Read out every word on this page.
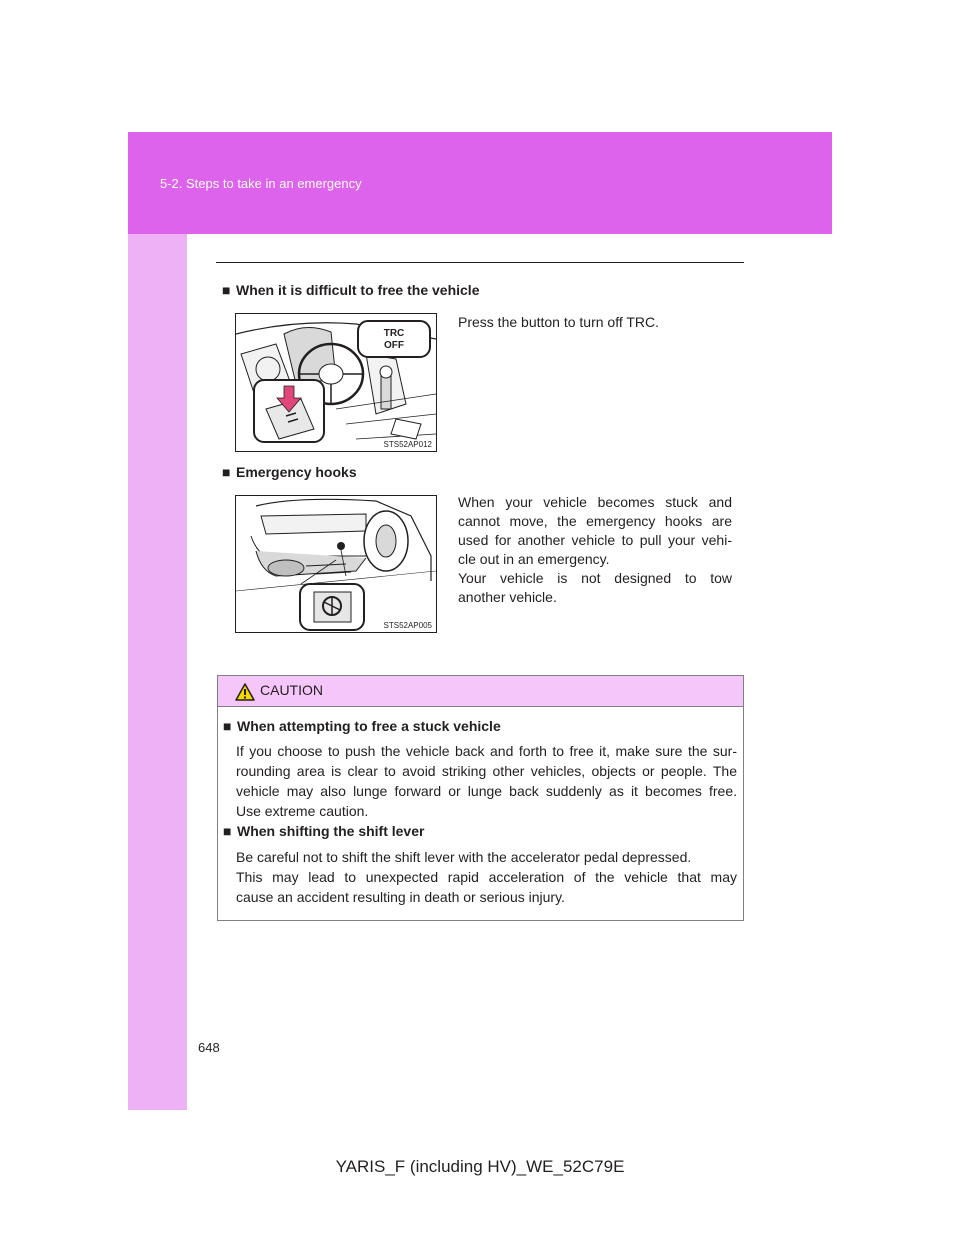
5-2. Steps to take in an emergency
■ When it is difficult to free the vehicle
TRC
OFF
STS52AP012
Press the button to turn off TRC.
■ Emergency hooks
STS52AP005
When your vehicle becomes stuck and
cannot move, the emergency hooks are
used for another vehicle to pull your vehi-
cle out in an emergency.
Your vehicle is not designed to tow
another vehicle.
CAUTION
■ When attempting to free a stuck vehicle
If you choose to push the vehicle back and forth to free it, make sure the sur-
rounding area is clear to avoid striking other vehicles, objects or people. The
vehicle may also lunge forward or lunge back suddenly as it becomes free.
Use extreme caution.
■ When shifting the shift lever
Be careful not to shift the shift lever with the accelerator pedal depressed.
This may lead to unexpected rapid acceleration of the vehicle that may
cause an accident resulting in death or serious injury.
648
YARIS_F (including HV)_WE_52C79E
